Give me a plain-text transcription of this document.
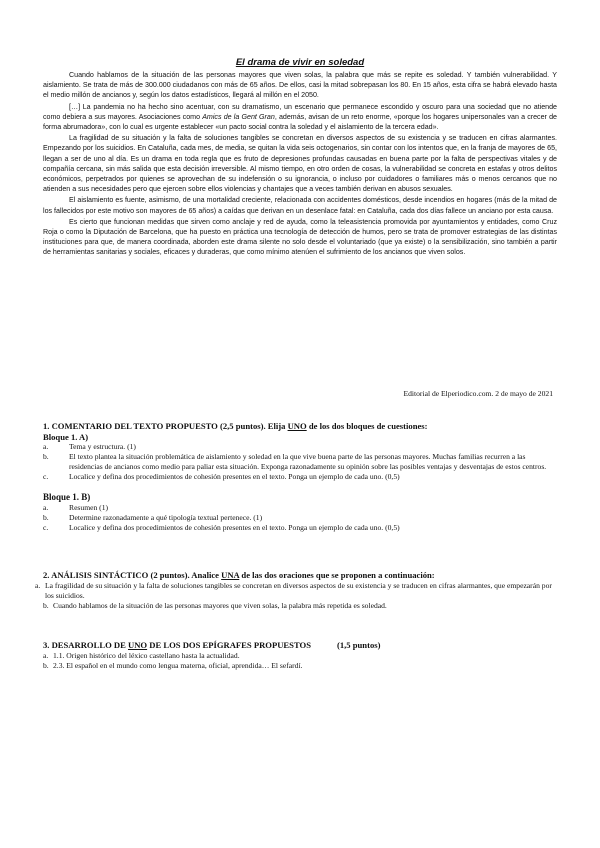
El drama de vivir en soledad

Cuando hablamos de la situación de las personas mayores que viven solas, la palabra que más se repite es soledad. Y también vulnerabilidad. Y aislamiento. Se trata de más de 300.000 ciudadanos con más de 65 años. De ellos, casi la mitad sobrepasan los 80. En 15 años, esta cifra se habrá elevado hasta el medio millón de ancianos y, según los datos estadísticos, llegará al millón en el 2050.

[…] La pandemia no ha hecho sino acentuar, con su dramatismo, un escenario que permanece escondido y oscuro para una sociedad que no atiende como debiera a sus mayores. Asociaciones como Amics de la Gent Gran, además, avisan de un reto enorme, «porque los hogares unipersonales van a crecer de forma abrumadora», con lo cual es urgente establecer «un pacto social contra la soledad y el aislamiento de la tercera edad».

La fragilidad de su situación y la falta de soluciones tangibles se concretan en diversos aspectos de su existencia y se traducen en cifras alarmantes. Empezando por los suicidios. En Cataluña, cada mes, de media, se quitan la vida seis octogenarios, sin contar con los intentos que, en la franja de mayores de 65, llegan a ser de uno al día. Es un drama en toda regla que es fruto de depresiones profundas causadas en buena parte por la falta de perspectivas vitales y de compañía cercana, sin más salida que esta decisión irreversible. Al mismo tiempo, en otro orden de cosas, la vulnerabilidad se concreta en estafas y otros delitos económicos, perpetrados por quienes se aprovechan de su indefensión o su ignorancia, o incluso por cuidadores o familiares más o menos cercanos que no atienden a sus necesidades pero que ejercen sobre ellos violencias y chantajes que a veces también derivan en abusos sexuales.

El aislamiento es fuente, asimismo, de una mortalidad creciente, relacionada con accidentes domésticos, desde incendios en hogares (más de la mitad de los fallecidos por este motivo son mayores de 65 años) a caídas que derivan en un desenlace fatal: en Cataluña, cada dos días fallece un anciano por esta causa.

Es cierto que funcionan medidas que sirven como anclaje y red de ayuda, como la teleasistencia promovida por ayuntamientos y entidades, como Cruz Roja o como la Diputación de Barcelona, que ha puesto en práctica una tecnología de detección de humos, pero se trata de promover estrategias de las distintas instituciones para que, de manera coordinada, aborden este drama silente no solo desde el voluntariado (que ya existe) o la sensibilización, sino también a partir de herramientas sanitarias y sociales, eficaces y duraderas, que como mínimo atenúen el sufrimiento de los ancianos que viven solos.

Editorial de Elperiodico.com. 2 de mayo de 2021
1. COMENTARIO DEL TEXTO PROPUESTO (2,5 puntos). Elija UNO de los dos bloques de cuestiones:
Bloque 1. A)
a.	Tema y estructura. (1)
b.	El texto plantea la situación problemática de aislamiento y soledad en la que vive buena parte de las personas mayores. Muchas familias recurren a las residencias de ancianos como medio para paliar esta situación. Exponga razonadamente su opinión sobre las posibles ventajas y desventajas de estos centros.
c.	Localice y defina dos procedimientos de cohesión presentes en el texto. Ponga un ejemplo de cada uno. (0,5)
Bloque 1. B)
a.	Resumen (1)
b.	Determine razonadamente a qué tipología textual pertenece. (1)
c.	Localice y defina dos procedimientos de cohesión presentes en el texto. Ponga un ejemplo de cada uno. (0,5)
2. ANÁLISIS SINTÁCTICO (2 puntos). Analice UNA de las dos oraciones que se proponen a continuación:
a. La fragilidad de su situación y la falta de soluciones tangibles se concretan en diversos aspectos de su existencia y se traducen en cifras alarmantes, que empezarán por los suicidios.
b. Cuando hablamos de la situación de las personas mayores que viven solas, la palabra más repetida es soledad.
3. DESARROLLO DE UNO DE LOS DOS EPÍGRAFES PROPUESTOS	(1,5 puntos)
a. 1.1. Origen histórico del léxico castellano hasta la actualidad.
b. 2.3. El español en el mundo como lengua materna, oficial, aprendida… El sefardí.
